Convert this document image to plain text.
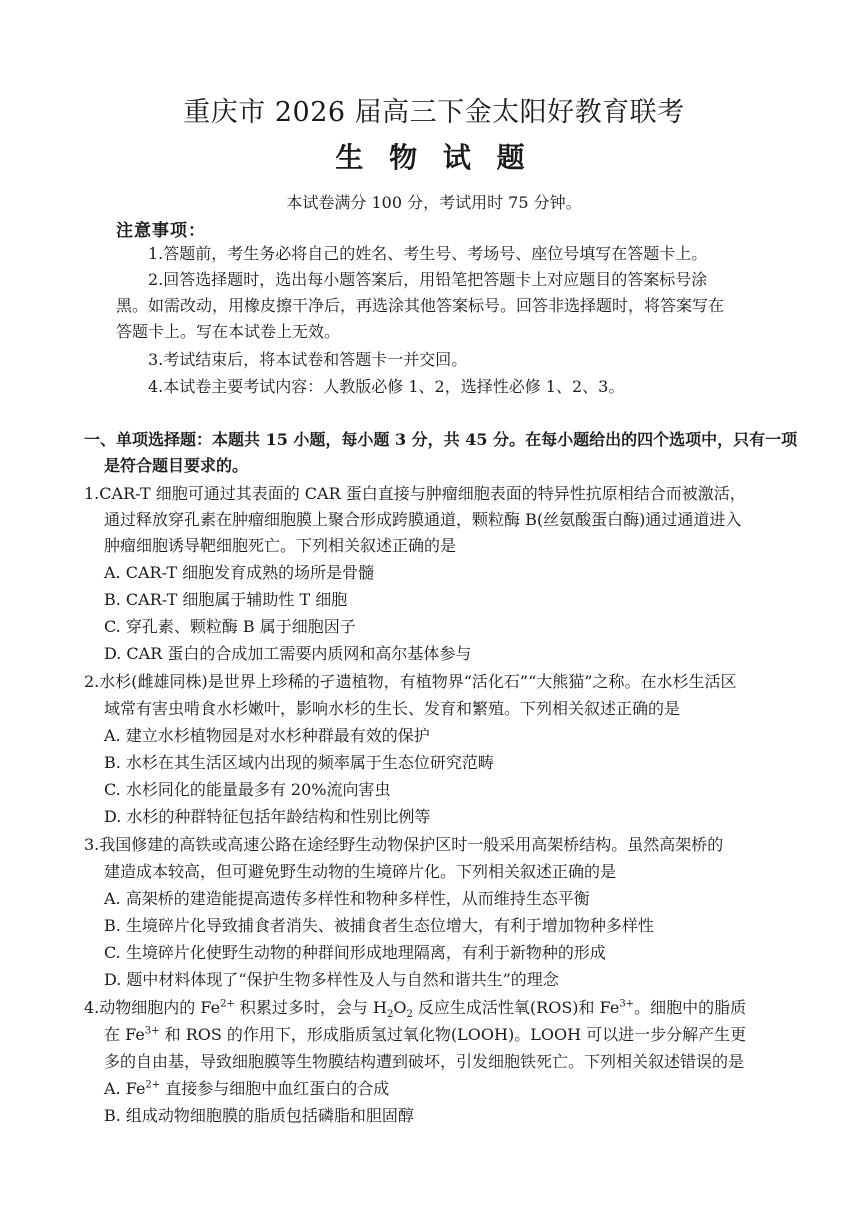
重庆市 2026 届高三下金太阳好教育联考
生 物 试 题
本试卷满分 100 分，考试用时 75 分钟。
注意事项：
1.答题前，考生务必将自己的姓名、考生号、考场号、座位号填写在答题卡上。
2.回答选择题时，选出每小题答案后，用铅笔把答题卡上对应题目的答案标号涂
黑。如需改动，用橡皮擦干净后，再选涂其他答案标号。回答非选择题时，将答案写在
答题卡上。写在本试卷上无效。
3.考试结束后，将本试卷和答题卡一并交回。
4.本试卷主要考试内容：人教版必修 1、2，选择性必修 1、2、3。
一、单项选择题：本题共 15 小题，每小题 3 分，共 45 分。在每小题给出的四个选项中，只有一项
是符合题目要求的。
1.CAR-T 细胞可通过其表面的 CAR 蛋白直接与肿瘤细胞表面的特异性抗原相结合而被激活，
通过释放穿孔素在肿瘤细胞膜上聚合形成跨膜通道，颗粒酶 B(丝氨酸蛋白酶)通过通道进入
肿瘤细胞诱导靶细胞死亡。下列相关叙述正确的是
A. CAR-T 细胞发育成熟的场所是骨髓
B. CAR-T 细胞属于辅助性 T 细胞
C. 穿孔素、颗粒酶 B 属于细胞因子
D. CAR 蛋白的合成加工需要内质网和高尔基体参与
2.水杉(雌雄同株)是世界上珍稀的孑遗植物，有植物界“活化石”“大熊猫”之称。在水杉生活区
域常有害虫啃食水杉嫩叶，影响水杉的生长、发育和繁殖。下列相关叙述正确的是
A. 建立水杉植物园是对水杉种群最有效的保护
B. 水杉在其生活区域内出现的频率属于生态位研究范畴
C. 水杉同化的能量最多有 20%流向害虫
D. 水杉的种群特征包括年龄结构和性别比例等
3.我国修建的高铁或高速公路在途经野生动物保护区时一般采用高架桥结构。虽然高架桥的
建造成本较高，但可避免野生动物的生境碎片化。下列相关叙述正确的是
A. 高架桥的建造能提高遗传多样性和物种多样性，从而维持生态平衡
B. 生境碎片化导致捕食者消失、被捕食者生态位增大，有利于增加物种多样性
C. 生境碎片化使野生动物的种群间形成地理隔离，有利于新物种的形成
D. 题中材料体现了“保护生物多样性及人与自然和谐共生”的理念
4.动物细胞内的 $Fe^{2+}$ 积累过多时，会与 $H_2O_2$ 反应生成活性氧(ROS)和 $Fe^{3+}$。细胞中的脂质
在 $Fe^{3+}$ 和 ROS 的作用下，形成脂质氢过氧化物(LOOH)。LOOH 可以进一步分解产生更
多的自由基，导致细胞膜等生物膜结构遭到破坏，引发细胞铁死亡。下列相关叙述错误的是
A. $Fe^{2+}$ 直接参与细胞中血红蛋白的合成
B. 组成动物细胞膜的脂质包括磷脂和胆固醇
